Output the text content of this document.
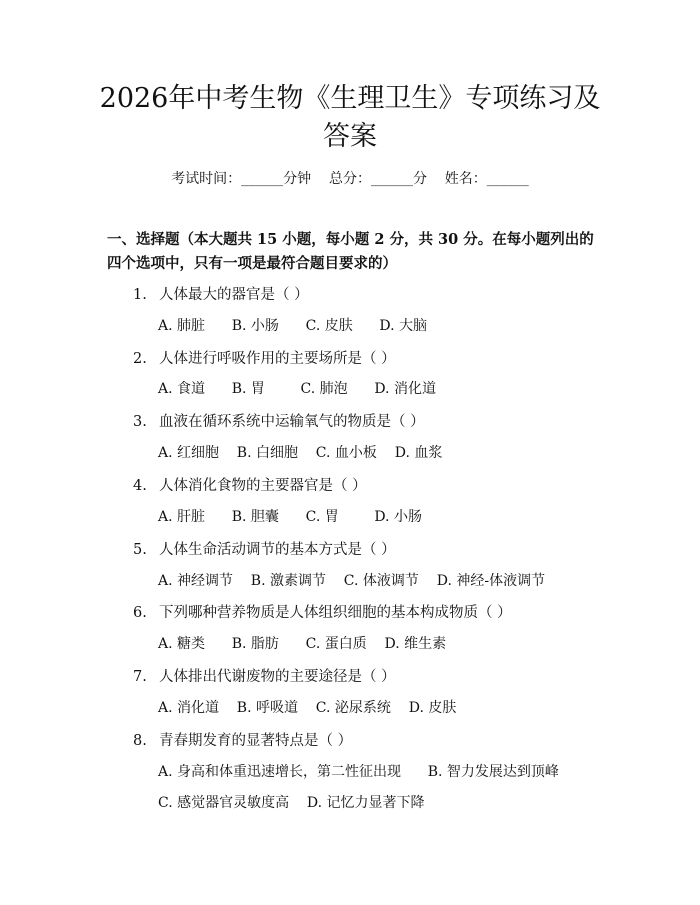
2026年中考生物《生理卫生》专项练习及答案
考试时间：______分钟    总分：______分    姓名：______
一、选择题（本大题共 15 小题，每小题 2 分，共 30 分。在每小题列出的四个选项中，只有一项是最符合题目要求的）
1. 人体最大的器官是（ ）
A. 肺脏      B. 小肠      C. 皮肤      D. 大脑
2. 人体进行呼吸作用的主要场所是（ ）
A. 食道      B. 胃        C. 肺泡      D. 消化道
3. 血液在循环系统中运输氧气的物质是（ ）
A. 红细胞    B. 白细胞    C. 血小板    D. 血浆
4. 人体消化食物的主要器官是（ ）
A. 肝脏      B. 胆囊      C. 胃        D. 小肠
5. 人体生命活动调节的基本方式是（ ）
A. 神经调节    B. 激素调节    C. 体液调节    D. 神经-体液调节
6. 下列哪种营养物质是人体组织细胞的基本构成物质（ ）
A. 糖类      B. 脂肪      C. 蛋白质    D. 维生素
7. 人体排出代谢废物的主要途径是（ ）
A. 消化道    B. 呼吸道    C. 泌尿系统    D. 皮肤
8. 青春期发育的显著特点是（ ）
A. 身高和体重迅速增长，第二性征出现      B. 智力发展达到顶峰
C. 感觉器官灵敏度高    D. 记忆力显著下降
